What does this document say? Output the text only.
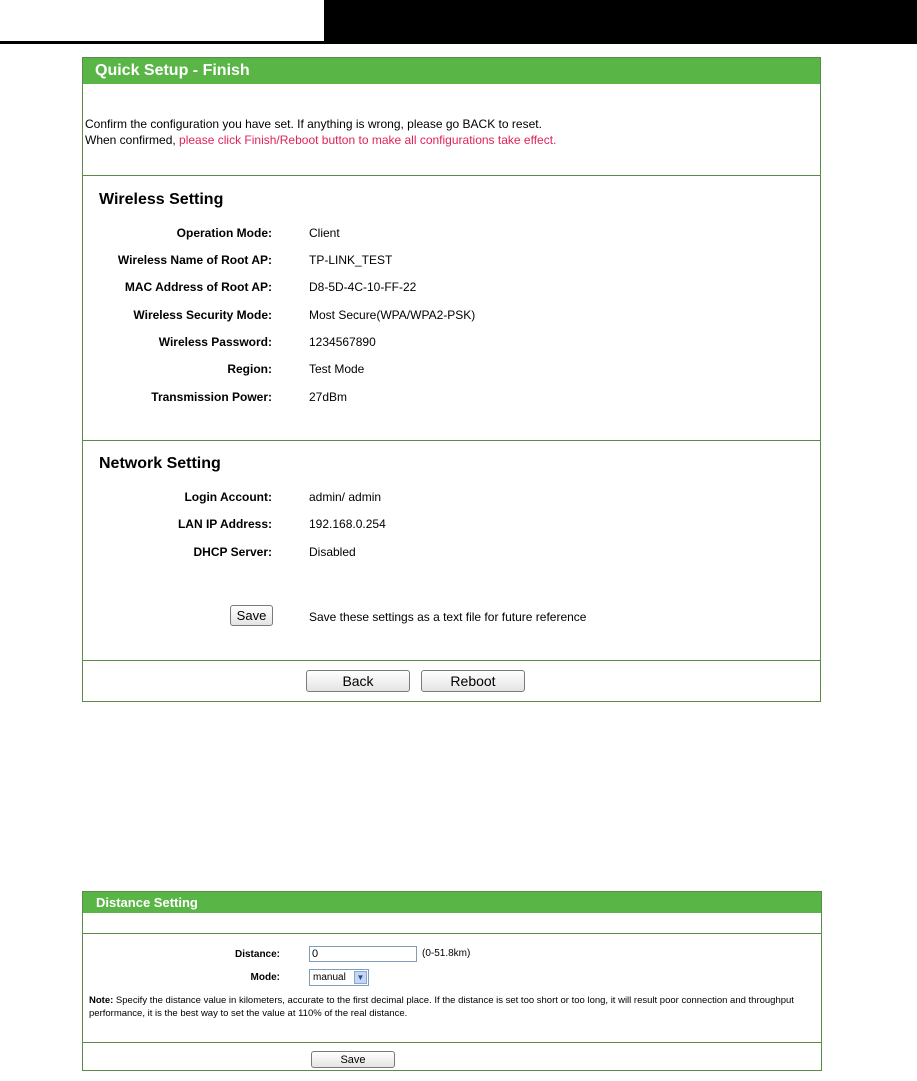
Quick Setup - Finish
Confirm the configuration you have set. If anything is wrong, please go BACK to reset.
When confirmed, please click Finish/Reboot button to make all configurations take effect.
Wireless Setting
Operation Mode:	Client
Wireless Name of Root AP:	TP-LINK_TEST
MAC Address of Root AP:	D8-5D-4C-10-FF-22
Wireless Security Mode:	Most Secure(WPA/WPA2-PSK)
Wireless Password:	1234567890
Region:	Test Mode
Transmission Power:	27dBm
Network Setting
Login Account:	admin/ admin
LAN IP Address:	192.168.0.254
DHCP Server:	Disabled
Save	Save these settings as a text file for future reference
Back	Reboot
Distance Setting
Distance:
0	(0-51.8km)
Mode:	manual	▼
Note: Specify the distance value in kilometers, accurate to the first decimal place. If the distance is set too short or too long, it will result poor connection and throughput performance, it is the best way to set the value at 110% of the real distance.
Save
